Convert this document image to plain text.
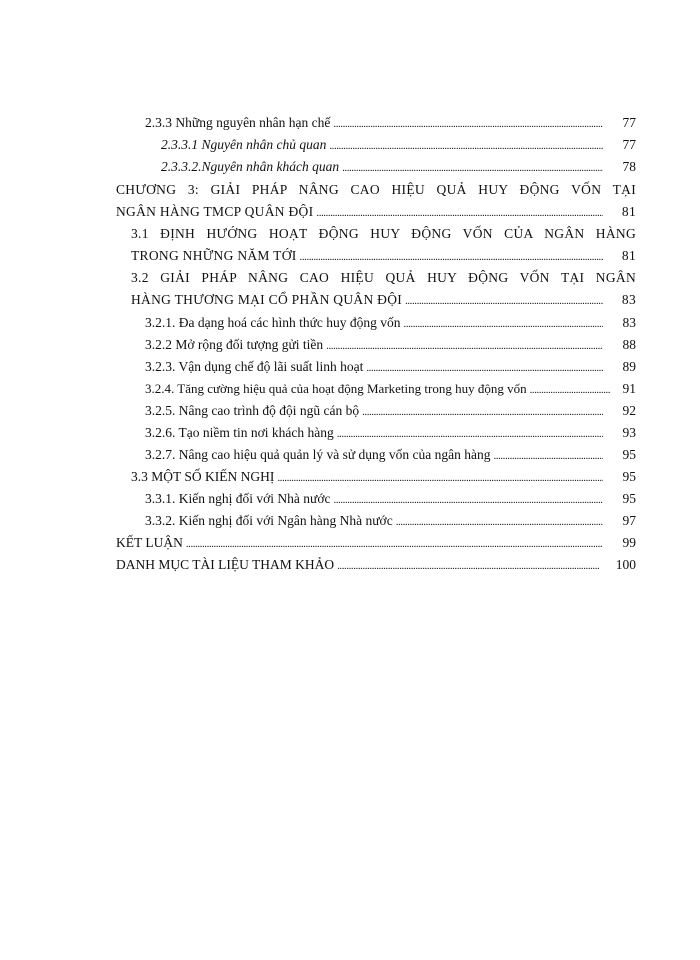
2.3.3 Những nguyên nhân hạn chế . . .	77
2.3.3.1 Nguyên nhân chủ quan . . .	77
2.3.3.2.Nguyên nhân khách quan . . .	78
CHƯƠNG 3: GIẢI PHÁP NÂNG CAO HIỆU QUẢ HUY ĐỘNG VỐN TẠI
NGÂN HÀNG TMCP QUÂN ĐỘI . . .	81
3.1 ĐỊNH HƯỚNG HOẠT ĐỘNG HUY ĐỘNG VỐN CỦA NGÂN HÀNG
TRONG NHỮNG NĂM TỚI . . .	81
3.2 GIẢI PHÁP NÂNG CAO HIỆU QUẢ HUY ĐỘNG VỐN TẠI NGÂN
HÀNG THƯƠNG MẠI CỔ PHẦN QUÂN ĐỘI . . .	83
3.2.1. Đa dạng hoá các hình thức huy động vốn . . .	83
3.2.2 Mở rộng đối tượng gửi tiền . . .	88
3.2.3. Vận dụng chế độ lãi suất linh hoạt . . .	89
3.2.4. Tăng cường hiệu quả của hoạt động Marketing trong huy động vốn . . .	91
3.2.5. Nâng cao trình độ đội ngũ cán bộ . . .	92
3.2.6. Tạo niềm tin nơi khách hàng . . .	93
3.2.7. Nâng cao hiệu quả quản lý và sử dụng vốn của ngân hàng . . .	95
3.3 MỘT SỐ KIẾN NGHỊ . . .	95
3.3.1. Kiến nghị đối với Nhà nước . . .	95
3.3.2. Kiến nghị đối với Ngân hàng Nhà nước . . .	97
KẾT LUẬN . . .	99
DANH MỤC TÀI LIỆU THAM KHẢO . . .	100
